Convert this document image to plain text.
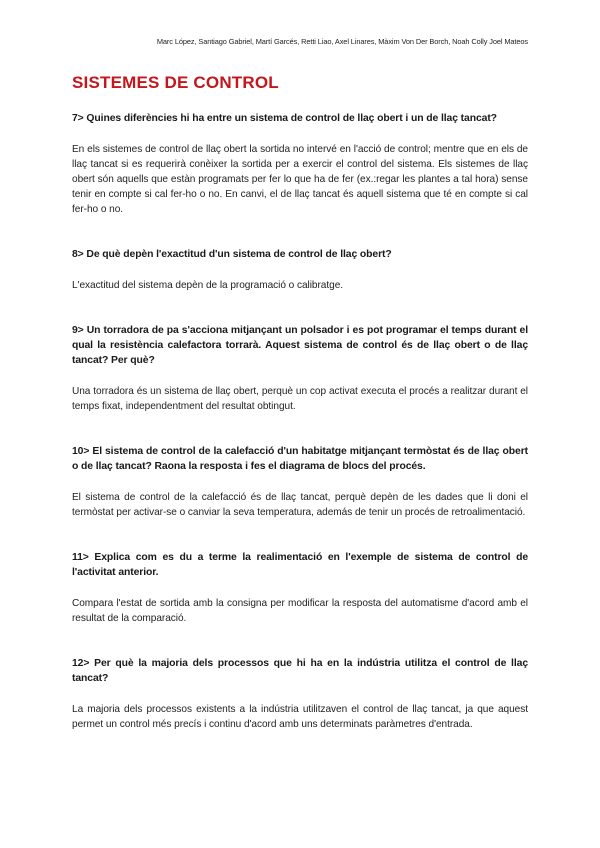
Marc López, Santiago Gabriel, Martí Garcés, Retti Liao, Axel Linares, Màxim Von Der Borch, Noah Colly Joel Mateos
SISTEMES DE CONTROL

7> Quines diferències hi ha entre un sistema de control de llaç obert i un de llaç tancat?

En els sistemes de control de llaç obert la sortida no intervé en l'acció de control; mentre que en els de llaç tancat si es requerirà conèixer la sortida per a exercir el control del sistema. Els sistemes de llaç obert són aquells que estàn programats per fer lo que ha de fer (ex.:regar les plantes a tal hora) sense tenir en compte si cal fer-ho o no. En canvi, el de llaç tancat és aquell sistema que té en compte si cal fer-ho o no.

8> De què depèn l'exactitud d'un sistema de control de llaç obert?

L'exactitud del sistema depèn de la programació o calibratge.

9> Un torradora de pa s'acciona mitjançant un polsador i es pot programar el temps durant el qual la resistència calefactora torrarà. Aquest sistema de control és de llaç obert o de llaç tancat? Per què?

Una torradora és un sistema de llaç obert, perquè un cop activat executa el procés a realitzar durant el temps fixat, independentment del resultat obtingut.

10> El sistema de control de la calefacció d'un habitatge mitjançant termòstat és de llaç obert o de llaç tancat? Raona la resposta i fes el diagrama de blocs del procés.

El sistema de control de la calefacció és de llaç tancat, perquè depèn de les dades que li doni el termòstat per activar-se o canviar la seva temperatura, además de tenir un procés de retroalimentació.

11> Explica com es du a terme la realimentació en l'exemple de sistema de control de l'activitat anterior.

Compara l'estat de sortida amb la consigna per modificar la resposta del automatisme d'acord amb el resultat de la comparació.

12> Per què la majoria dels processos que hi ha en la indústria utilitza el control de llaç tancat?

La majoria dels processos existents a la indústria utilitzaven el control de llaç tancat, ja que aquest permet un control més precís i continu d'acord amb uns determinats paràmetres d'entrada.
